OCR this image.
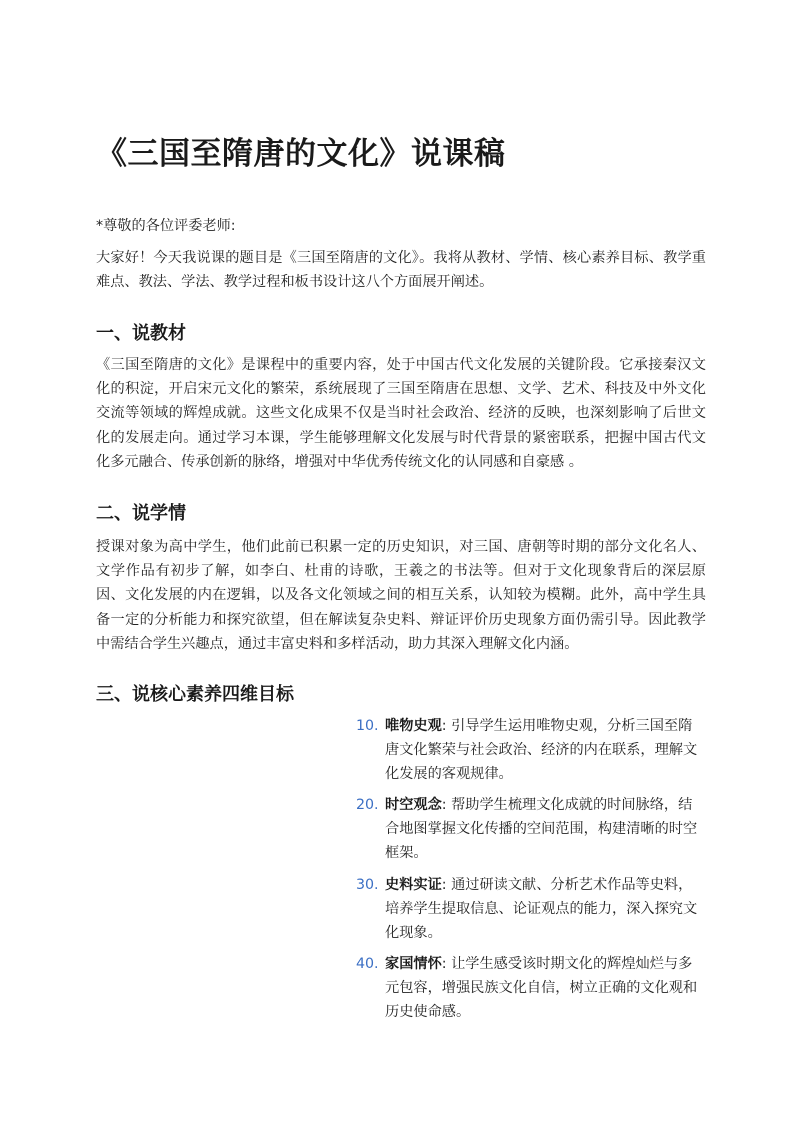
《三国至隋唐的文化》说课稿

*尊敬的各位评委老师:

大家好！今天我说课的题目是《三国至隋唐的文化》。我将从教材、学情、核心素养目标、教学重难点、教法、学法、教学过程和板书设计这八个方面展开阐述。

一、说教材

《三国至隋唐的文化》是课程中的重要内容，处于中国古代文化发展的关键阶段。它承接秦汉文化的积淀，开启宋元文化的繁荣，系统展现了三国至隋唐在思想、文学、艺术、科技及中外文化交流等领域的辉煌成就。这些文化成果不仅是当时社会政治、经济的反映，也深刻影响了后世文化的发展走向。通过学习本课，学生能够理解文化发展与时代背景的紧密联系，把握中国古代文化多元融合、传承创新的脉络，增强对中华优秀传统文化的认同感和自豪感 。

二、说学情

授课对象为高中学生，他们此前已积累一定的历史知识，对三国、唐朝等时期的部分文化名人、文学作品有初步了解，如李白、杜甫的诗歌，王羲之的书法等。但对于文化现象背后的深层原因、文化发展的内在逻辑，以及各文化领域之间的相互关系，认知较为模糊。此外，高中学生具备一定的分析能力和探究欲望，但在解读复杂史料、辩证评价历史现象方面仍需引导。因此教学中需结合学生兴趣点，通过丰富史料和多样活动，助力其深入理解文化内涵。

三、说核心素养四维目标
10. 唯物史观: 引导学生运用唯物史观，分析三国至隋唐文化繁荣与社会政治、经济的内在联系，理解文化发展的客观规律。
20. 时空观念: 帮助学生梳理文化成就的时间脉络，结合地图掌握文化传播的空间范围，构建清晰的时空框架。
30. 史料实证: 通过研读文献、分析艺术作品等史料，培养学生提取信息、论证观点的能力，深入探究文化现象。
40. 家国情怀: 让学生感受该时期文化的辉煌灿烂与多元包容，增强民族文化自信，树立正确的文化观和历史使命感。
